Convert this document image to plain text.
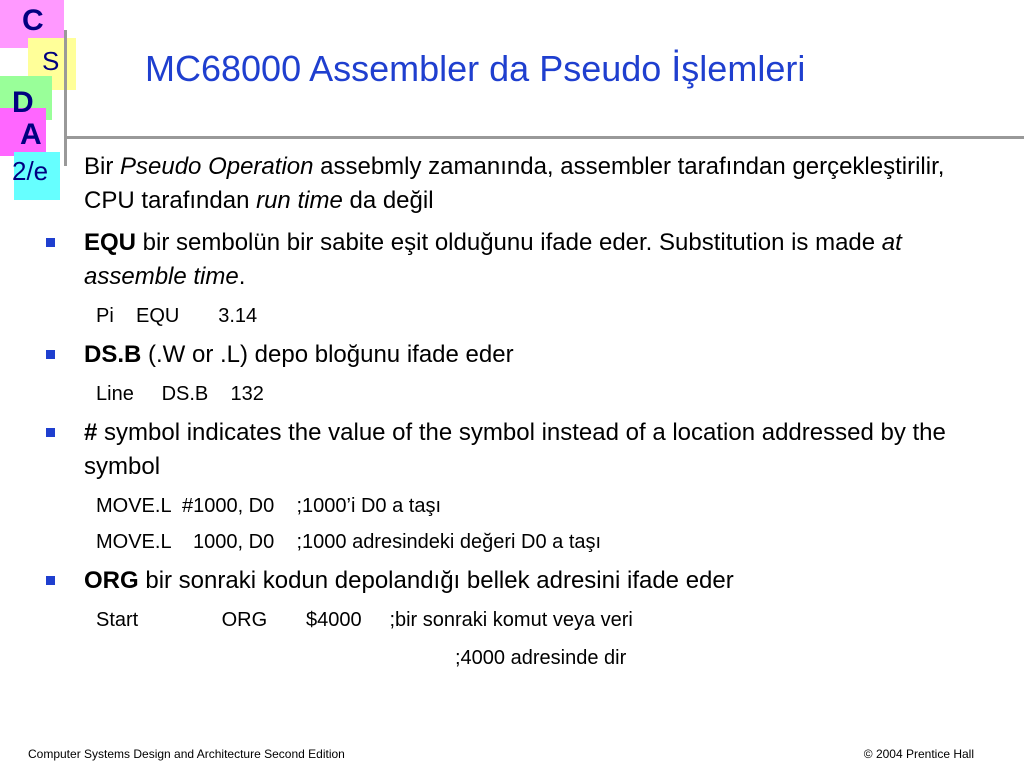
C
S
D
A
2/e
MC68000 Assembler da Pseudo İşlemleri
Bir Pseudo Operation assebmly zamanında, assembler tarafından gerçekleştirilir, CPU tarafından run time da değil
EQU bir sembolün bir sabite eşit olduğunu ifade eder. Substitution is made at assemble time.
Pi    EQU       3.14
DS.B (.W or .L) depo bloğunu ifade eder
Line     DS.B    132
# symbol indicates the value of the symbol instead of a location addressed by the symbol
MOVE.L  #1000, D0    ;1000’i D0 a taşı
MOVE.L    1000, D0    ;1000 adresindeki değeri D0 a taşı
ORG bir sonraki kodun depolandığı bellek adresini ifade eder
Start               ORG       $4000     ;bir sonraki komut veya veri
;4000 adresinde dir
Computer Systems Design and Architecture Second Edition	© 2004 Prentice Hall
